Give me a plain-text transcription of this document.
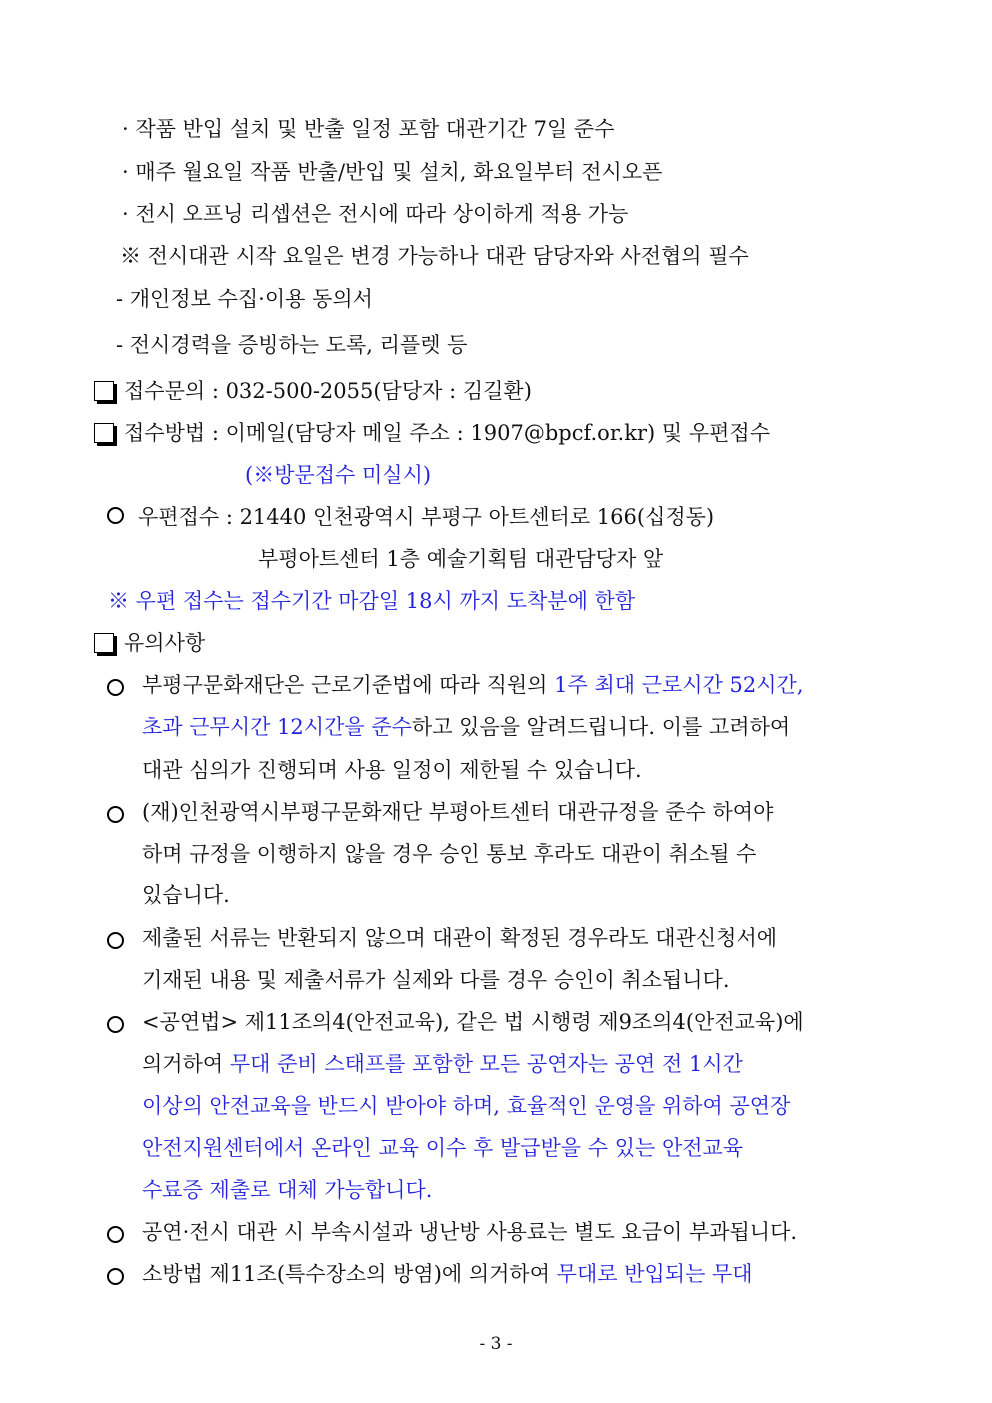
· 작품 반입 설치 및 반출 일정 포함 대관기간 7일 준수
· 매주 월요일 작품 반출/반입 및 설치, 화요일부터 전시오픈
· 전시 오프닝 리셉션은 전시에 따라 상이하게 적용 가능
※ 전시대관 시작 요일은 변경 가능하나 대관 담당자와 사전협의 필수
- 개인정보 수집·이용 동의서
- 전시경력을 증빙하는 도록, 리플렛 등
접수문의 : 032-500-2055(담당자 : 김길환)
접수방법 : 이메일(담당자 메일 주소 : 1907@bpcf.or.kr) 및 우편접수
(※방문접수 미실시)
우편접수 : 21440 인천광역시 부평구 아트센터로 166(십정동)
부평아트센터 1층 예술기획팀 대관담당자 앞
※ 우편 접수는 접수기간 마감일 18시 까지 도착분에 한함
유의사항
부평구문화재단은 근로기준법에 따라 직원의 1주 최대 근로시간 52시간,
초과 근무시간 12시간을 준수하고 있음을 알려드립니다. 이를 고려하여
대관 심의가 진행되며 사용 일정이 제한될 수 있습니다.
(재)인천광역시부평구문화재단 부평아트센터 대관규정을 준수 하여야
하며 규정을 이행하지 않을 경우 승인 통보 후라도 대관이 취소될 수
있습니다.
제출된 서류는 반환되지 않으며 대관이 확정된 경우라도 대관신청서에
기재된 내용 및 제출서류가 실제와 다를 경우 승인이 취소됩니다.
<공연법> 제11조의4(안전교육), 같은 법 시행령 제9조의4(안전교육)에
의거하여 무대 준비 스태프를 포함한 모든 공연자는 공연 전 1시간
이상의 안전교육을 반드시 받아야 하며, 효율적인 운영을 위하여 공연장
안전지원센터에서 온라인 교육 이수 후 발급받을 수 있는 안전교육
수료증 제출로 대체 가능합니다.
공연·전시 대관 시 부속시설과 냉난방 사용료는 별도 요금이 부과됩니다.
소방법 제11조(특수장소의 방염)에 의거하여 무대로 반입되는 무대
- 3 -
